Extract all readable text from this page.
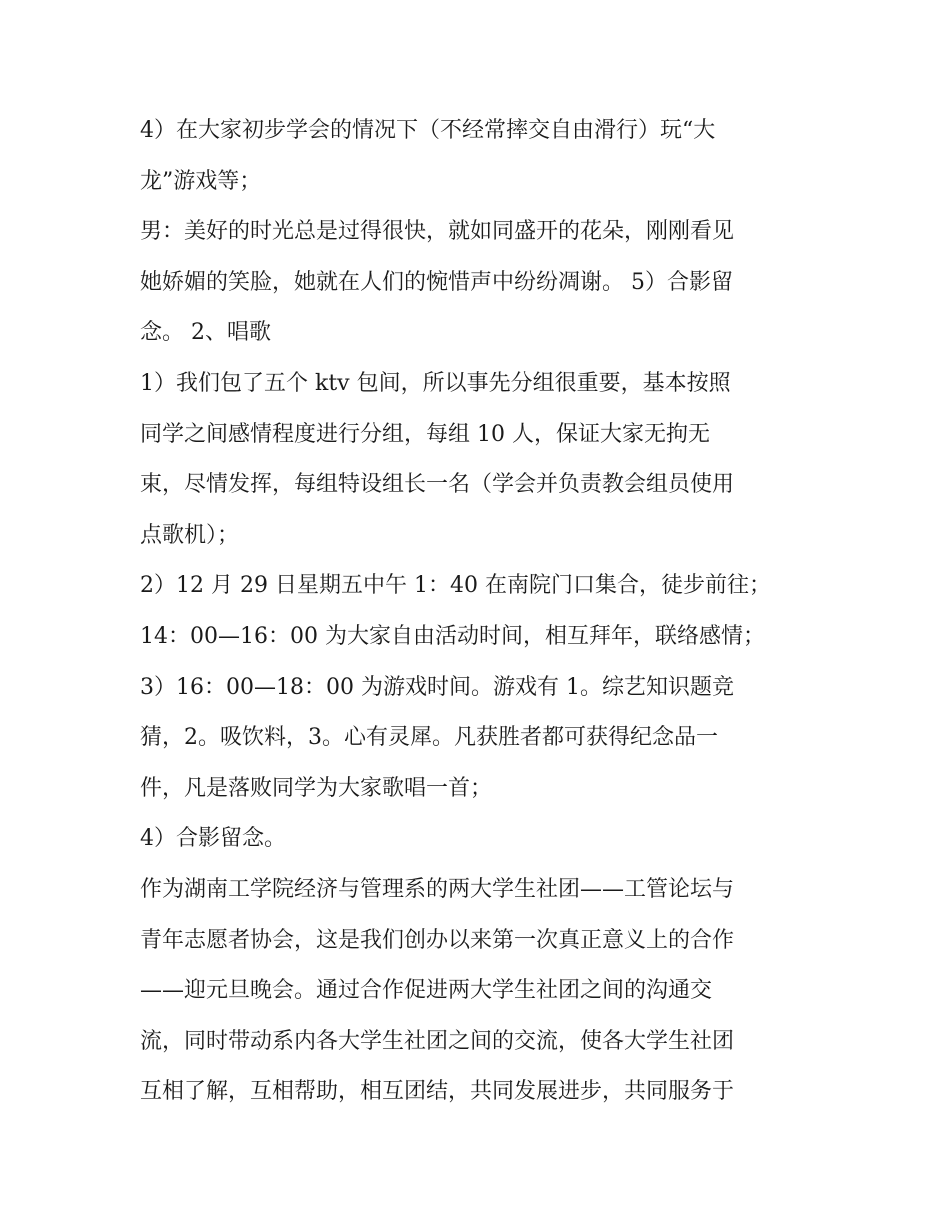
4）在大家初步学会的情况下（不经常摔交自由滑行）玩“大
龙”游戏等；
男：美好的时光总是过得很快，就如同盛开的花朵，刚刚看见
她娇媚的笑脸，她就在人们的惋惜声中纷纷凋谢。 5）合影留
念。 2、唱歌
1）我们包了五个 ktv 包间，所以事先分组很重要，基本按照
同学之间感情程度进行分组，每组 10 人，保证大家无拘无
束，尽情发挥，每组特设组长一名（学会并负责教会组员使用
点歌机）；
2）12 月 29 日星期五中午 1：40 在南院门口集合，徒步前往；
14：00—16：00 为大家自由活动时间，相互拜年，联络感情；
3）16：00—18：00 为游戏时间。游戏有 1。综艺知识题竞
猜，2。吸饮料，3。心有灵犀。凡获胜者都可获得纪念品一
件，凡是落败同学为大家歌唱一首；
4）合影留念。
作为湖南工学院经济与管理系的两大学生社团——工管论坛与
青年志愿者协会，这是我们创办以来第一次真正意义上的合作
——迎元旦晚会。通过合作促进两大学生社团之间的沟通交
流，同时带动系内各大学生社团之间的交流，使各大学生社团
互相了解，互相帮助，相互团结，共同发展进步，共同服务于
